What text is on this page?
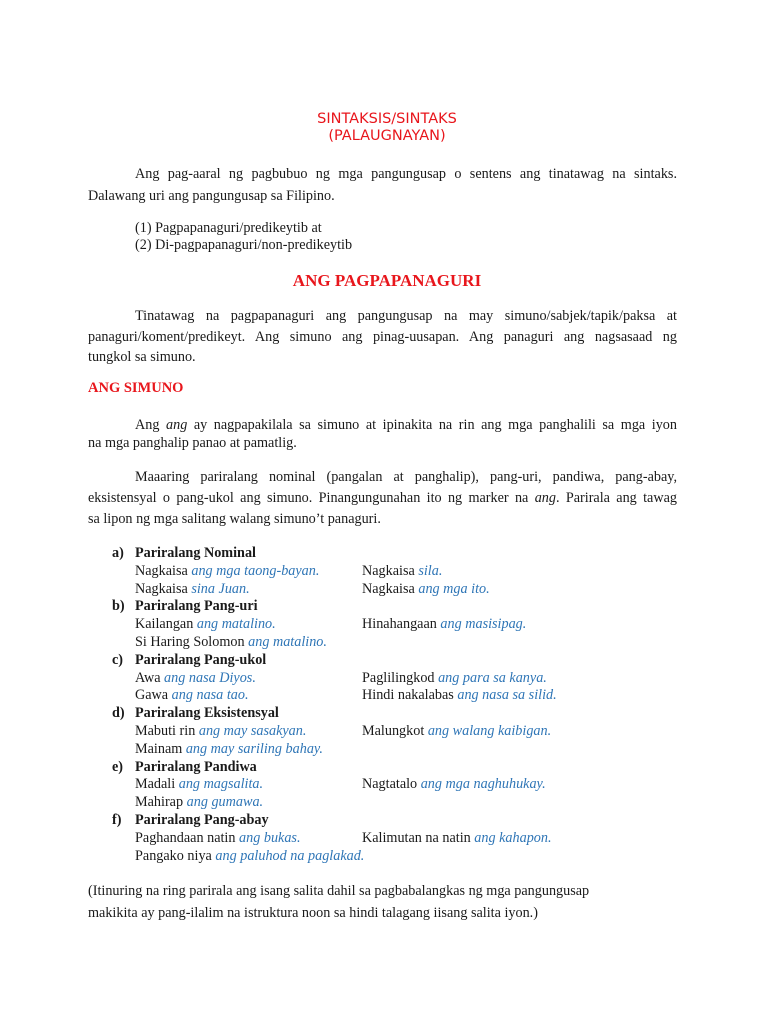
SINTAKSIS/SINTAKS
(PALAUGNAYAN)
Ang pag-aaral ng pagbubuo ng mga pangungusap o sentens ang tinatawag na sintaks.
Dalawang uri ang pangungusap sa Filipino.
(1) Pagpapanaguri/predikeytib at
(2) Di-pagpapanaguri/non-predikeytib
ANG PAGPAPANAGURI
Tinatawag na pagpapanaguri ang pangungusap na may simuno/sabjek/tapik/paksa at
panaguri/koment/predikeyt. Ang simuno ang pinag-uusapan. Ang panaguri ang nagsasaad ng
tungkol sa simuno.
ANG SIMUNO
Ang ang ay nagpapakilala sa simuno at ipinakita na rin ang mga panghalili sa mga iyon
na mga panghalip panao at pamatlig.
Maaaring pariralang nominal (pangalan at panghalip), pang-uri, pandiwa, pang-abay,
eksistensyal o pang-ukol ang simuno. Pinangungunahan ito ng marker na ang. Parirala ang tawag
sa lipon ng mga salitang walang simuno’t panaguri.
a) Pariralang Nominal
Nagkaisa ang mga taong-bayan.	Nagkaisa sila.
Nagkaisa sina Juan.	Nagkaisa ang mga ito.
b) Pariralang Pang-uri
Kailangan ang matalino.	Hinahangaan ang masisipag.
Si Haring Solomon ang matalino.
c) Pariralang Pang-ukol
Awa ang nasa Diyos.	Paglilingkod ang para sa kanya.
Gawa ang nasa tao.	Hindi nakalabas ang nasa sa silid.
d) Pariralang Eksistensyal
Mabuti rin ang may sasakyan.	Malungkot ang walang kaibigan.
Mainam ang may sariling bahay.
e) Pariralang Pandiwa
Madali ang magsalita.	Nagtatalo ang mga naghuhukay.
Mahirap ang gumawa.
f) Pariralang Pang-abay
Paghandaan natin ang bukas.	Kalimutan na natin ang kahapon.
Pangako niya ang paluhod na paglakad.
(Itinuring na ring parirala ang isang salita dahil sa pagbabalangkas ng mga pangungusap
makikita ay pang-ilalim na istruktura noon sa hindi talagang iisang salita iyon.)
